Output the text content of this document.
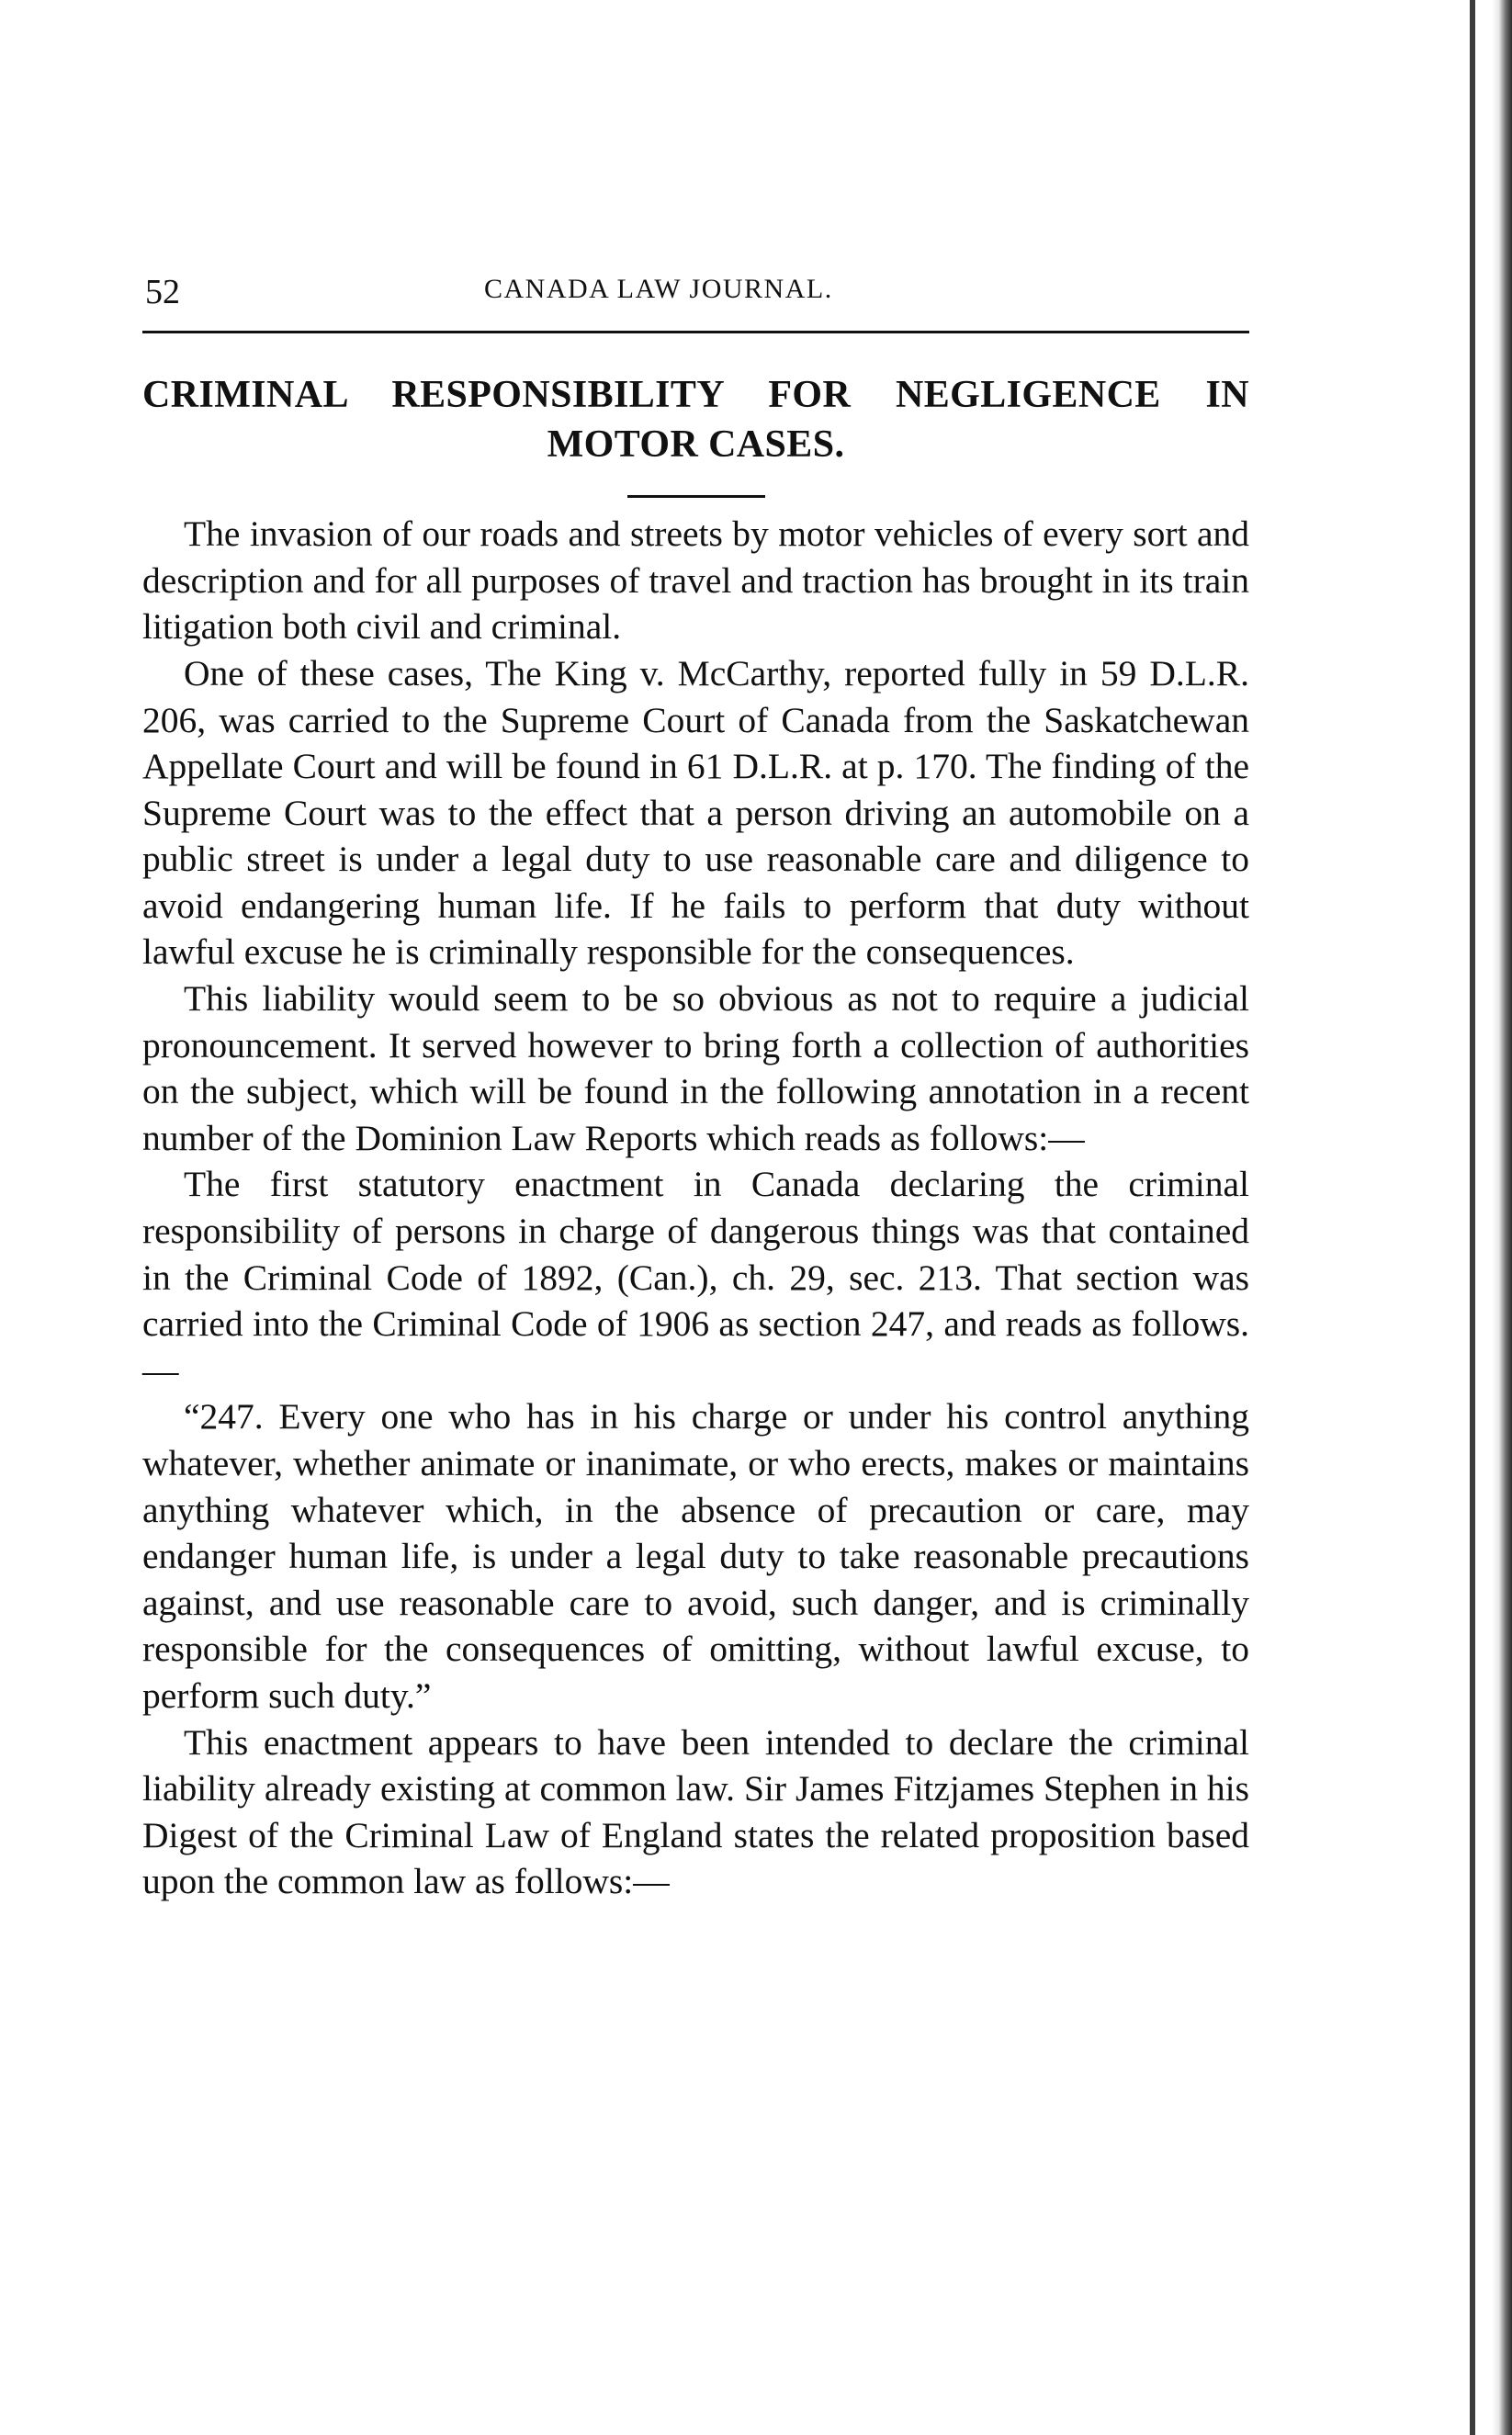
52	CANADA LAW JOURNAL.
CRIMINAL RESPONSIBILITY FOR NEGLIGENCE IN
MOTOR CASES.

The invasion of our roads and streets by motor vehicles of every sort and description and for all purposes of travel and traction has brought in its train litigation both civil and criminal.

One of these cases, The King v. McCarthy, reported fully in 59 D.L.R. 206, was carried to the Supreme Court of Canada from the Saskatchewan Appellate Court and will be found in 61 D.L.R. at p. 170. The finding of the Supreme Court was to the effect that a person driving an automobile on a public street is under a legal duty to use reasonable care and diligence to avoid endangering human life. If he fails to perform that duty without lawful excuse he is criminally responsible for the consequences.

This liability would seem to be so obvious as not to require a judicial pronouncement. It served however to bring forth a collection of authorities on the subject, which will be found in the following annotation in a recent number of the Dominion Law Reports which reads as follows:—

The first statutory enactment in Canada declaring the criminal responsibility of persons in charge of dangerous things was that contained in the Criminal Code of 1892, (Can.), ch. 29, sec. 213. That section was carried into the Criminal Code of 1906 as section 247, and reads as follows.—

“247. Every one who has in his charge or under his control anything whatever, whether animate or inanimate, or who erects, makes or maintains anything whatever which, in the absence of precaution or care, may endanger human life, is under a legal duty to take reasonable precautions against, and use reasonable care to avoid, such danger, and is criminally responsible for the consequences of omitting, without lawful excuse, to perform such duty.”

This enactment appears to have been intended to declare the criminal liability already existing at common law. Sir James Fitzjames Stephen in his Digest of the Criminal Law of England states the related proposition based upon the common law as follows:—
